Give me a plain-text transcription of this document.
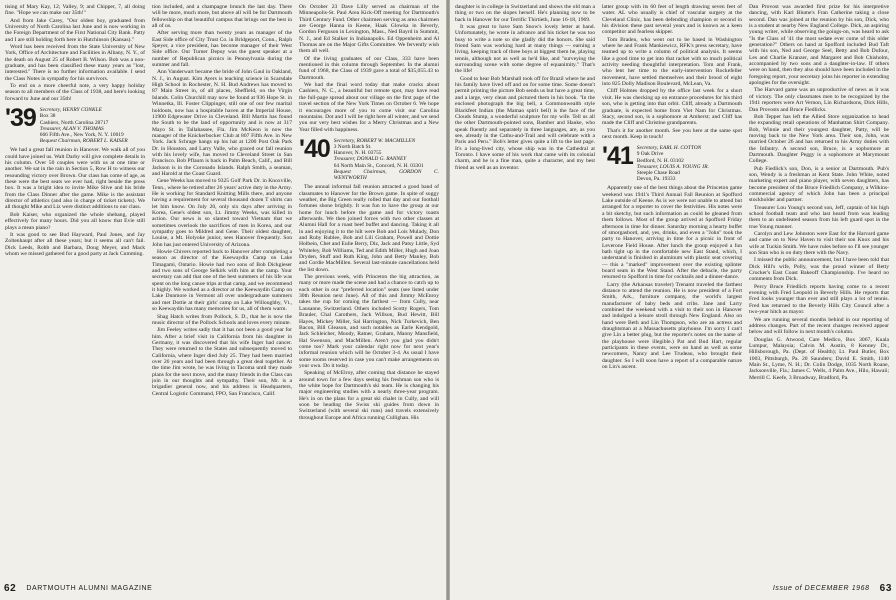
tising of Mary Kay, 12; Valley, 9; and Chipper, 7, all doing fine. "Hope we can make our 35th!"

And from Jake Carey, "Our oldest boy, graduated from University of North Carolina last June and is now working in the Foreign Department of the First National City Bank. Patty and I are still holding forth here in Hutchinson (Kansas)."

Word has been received from the State University of New York, Office of Architecture and Facilities in Albany, N. Y., of the death on August 25 of Robert B. Wilson. Bob was a non-graduate, and has been classified these many years as "lost, interested." There is no further information available. I send the Class Notes in sympathy for his survivors.

To end on a more cheerful note, a very happy holiday season to all members of the Class of 1938, and here's looking forward to June and our 35th!

'39 Secretary, HENRY CONKLE
Box 38
Cashiers, North Carolina 28717
Treasurer, ALAN V. THOMAS
666 Fifth Ave., New York, N. Y. 10019
Bequest Chairman, ROBERT L. KAISER

We had a great fall reunion in Hanover. We walk all of you could have joined us. Walt Darby will give complete details in his column. Over 50 couples were with us at one time or another. We sat in the rain in Section 5, Row H to witness our resounding victory over Brown. Our class has come of age, as these were the best seats we ever had, right beside the press box. It was a bright idea to invite Mike Slive and his bride from the Class Dinner after the game. Mike is the assistant director of athletics (and also in charge of ticket tickets). We all thought Mike and Liz were distinct additions to our class.

Bob Kaiser, who organized the whole shebang, played effectively for many hours. Did you all know that Evie still plays a mean piano?

It was good to see Bud Hayward, Paul Jones, and Jay Zoltenhaupt after all these years; but it seems all can't fail. Dick Leeds, Robb and Barbara, Doug Meyer, and Mack whom we missed gathered for a good party at Jack Cumming.

tion included, and a champagne brunch the last day. There will be more, much more, but above all will be for Dartmouth fellowship on that beautiful campus that brings out the best in all of us.

After serving more than twenty years as manager of the East Side office of City Trust Co. in Bridgeport, Conn., Ralph Speyer, a vice president, has become manager of their West Side office. Our Turner Depuy was the guest speaker at a number of Republican picnics in Pennsylvania during the summer and fall.

Ann Vanderwart became the bride of John Gaul in Oakland, N. J., in August. Kim Ayers is teaching science in Scarsdale High School in Rochester, N. H. Bud Andrews has moved to 87 Main Street in, of all places, Sheffield, on the Virgin Islands. Colin Churchill may now be found at 936 Hope St. in Winnetka, Ill. Foster Clippinger, still one of our few marital holdouts, now has a hospitable haven at the Imperial House, 11900 Edgewater Drive in Cleveland. Bill Martin has found the South to be the land of opportunity and is now at 317 Mayo St. in Tallahassee, Fla. Jim McKeon is now the manager of the Knickerbocker Club at 807 Fifth Ave. in New York. Jack Schrage hangs up his hat at 1200 Post Oak Park Dr. in Houston, and Larry Valle, who graced our fall reunion with his lovely wife, has moved to Cleveland Street in San Francisco. Bob Pflaum is back in Palm Beach, Calif., and Bill Jackson is in the Coronado Islands. Ralph Smith, a seaman, and Harold at the Coast Guard.

Gene Weeks has moved to 9325 Golf Park Dr. in Knoxville, Tenn., where he retired after 26 years' active duty in the Army. He is working for Standard Knitting Mills there, and anyone having a requirement for several thousand dozen T shirts can let him know. On July 20, only six days after arriving in Korea, Gene's oldest son, Lt. Jimmy Weeks, was killed in action. Our news is so slanted toward Vietnam that we sometimes overlook the sacrifices of men in Korea, and our sympathy goes to Mildred and Gene. Their oldest daughter, Louise, a Mt. Holyoke junior, sees Hanover frequently. Son John has just entered University of Arizona.

Howie Chivers reported back to Hanover after completing a season as director of the Keewaydin Camp on Lake Timagami, Ontario. Howie had two sons of Bob Dickgieser and two sons of George Selkirk with him at the camp. Your secretary can add that one of the best summers of his life was spent on the long canoe trips at that camp, and we recommend it highly. We worked as a director at the Keewaydin Camp on Lake Dunmore in Vermont all over undergraduate summers and met Dottie at their girls' camp on Lake Willoughby, Vt., so Keewaydin has many memories for us, all of them warm.

Shag Hatch writes from Pollock, S. D., that he is now the music director of the Pollock Schools and loves every minute.

Jim Feeley writes sadly that it has not been a good year for him. After a brief visit in California from his daughter in Germany, it was discovered that his wife Inger had cancer. They were returned to the States and subsequently moved to California, where Inger died July 25. They had been married over 26 years and had been through a great deal together. At the time Jim wrote, he was living in Tacoma until they made plans for the next move, and the many friends in the Class can join in our thoughts and sympathy. Their son, Mr. is a brigadier general now, and his address is Headquarters, Central Logistic Command, FPO, San Francisco, Calif.

On October 23 Dave Lilly served as chairman of the Minneapolis-St. Paul Area Kick-Off meeting for Dartmouth's Third Century Fund. Other chairmen serving as area chairmen are George Hanna in Keene, Haak Glowka in Beverly, Gordon Ferguson in Lexington, Mass., Ned Bayrd in Summit, N. J., and Ed Stalker in Indianapolis. Ed Oppenheim and Al Thomas are on the Major Gifts Committee. We fervently wish them all well.

Of the living graduates of our Class, 333 have been mentioned in this column through September. In the alumni fund of 1968, the Class of 1939 gave a total of $35,055.43 to Dartmouth.

We had the final word today that make cracks about Cashiers, N. C., a beautiful but remote spot, may have read the full-page spread about our village on the first page of the travel section of the New York Times on October 6. We hope it encourages more of you to come visit our Carolina mountains. Dot and I will be right here all winter, and we send you our very best wishes for a Merry Christmas and a New Year filled with happiness.

'40 Secretary, ROBERT W. MACMILLEN
3 North Batch St.
Hanover, N. H. 03755
Treasurer, DONALD G. RANNEY
64 North Main St., Concord, N. H. 03301
Bequest Chairman, GORDON C. WENTWORTH

The annual informal fall reunion attracted a good band of classmates to Hanover for the Brown game. In spite of soggy weather, the Big Green really rolled that day and our football fortunes shone brightly. It was fun to have the group at our home for lunch before the game and for victory toasts afterwards. We then joined forces with two other classes at Alumni Hall for a roast beef buffet and dancing. Taking it all in and enjoying it to the hilt were Bob and Lois Mulady, Don and Ruby Rublee, Bob and Lili Graham, Powell and Dottie Holbein, Chet and Eulie Berry, Diz, Jack and Patsy Little, Syd Whiteley, Bob Williams, Ted and Edith Miller, Hugh and Joan Dryden, Stuff and Ruth King, John and Betty Manley, Bob and Cordie MacMillen. Several last-minute cancellations held the list down.

The previous week, with Princeton the big attraction, as many or more made the scene and had a chance to catch up to each other in our "preferred location" seats (see listed under 30th Reunion next June). All of this and Jimmy McEnroy takes the cup for coming the farthest — from Cully, near Lausanne, Switzerland. Others included Scotty Rogers, Tom Brauler, Chal Carothers, Jack Willson, Bud Hewitt, Bill Hayes, Mickey Miller, Sal Harrington, Nick Turkevich, Ben Bacon, Bill Gleason, and such notables as Earle Kendgold, Jack Schleicher, Moody, Ratner, Graham, Manny Mansfield, Hal Swenson, and MacMillen. Aren't you glad you didn't come too? Mark your calendar right now for next year's informal reunion which will be October 3-4. As usual I have some rooms reserved in case you can't make arrangements on your own. Do it today.

Speaking of McElroy, after coming that distance he stayed around town for a few days seeing his freshman son who is the white hope for Dartmouth's ski team. He is changing his major engineering studies with a nearly three-year program. He's in on the plans for a great ski chalet in Cully, and will soon be heading the Swiss ski guides from down in Switzerland (with several ski runs) and travels extensively throughout Europe and Africa running Cullighan. His

62 DARTMOUTH ALUMNI MAGAZINE

daughter is in college in Switzerland and shows the old man a thing or two on the slopes herself. He's planning now to be back in Hanover for our Terrific Thirtieth, June 16-18, 1969.

It was great to have Sam Snow's lovely letter at hand. Unfortunately, he wrote in advance and his ticket he was too busy to write a note so she gladly did the honors. She said friend Sam was working hard at many things — earning a living, keeping track of three boys at biggest them he, playing tennis, although not as well as he'd like, and "surveying the surrounding scene with some degree of equanimity." That's the life!

Good to hear Bob Marshall took off for Brazil where he and his family have lived off and on for some time. Some doesn't permit printing the picture Bob sends us but have a great time, and a large, very clean and pictured them in his book. "In the enclosed photograph the big bell, a Commonwealth style Blackfeet Indian (the Mamao spirit bell) is the face of the Clouds Stump, a wonderful sculpture for my wife. Tell us all the other Dartmouth-pointed sons, Bamber and Hauke, who speak fluently and separately in three languages, are, as you see, already in the Cathu-and-Trail and will celebrate with a Paris and Peru." Bob's letter gives quite a lift to the last page. It's a long-lived city, whose ship was in the Cathedral at Toronto. I have some of his work that came with its colonial charm, and he is a fine man, quite a character, and my best friend as well as an inventor.

latter group with its 60 feet of length drawing seven feet of water. AL who usually is chief of vascular surgery at the Cleveland Clinic, has been defending champion or second in his division these past several years and is known as a keen competitor and fearless skipper.

Tom Braden, who went out to be based in Washington where he and Frank Mankiewicz, RFK's press secretary, have teamed up to write a column of political analysis. It seems like a good time to get into that racket with so much political activity needing thoughtful interpretation. Tom and Frank, who lent her time to the early-intervention Rockefeller movement, have settled themselves and their brood of eight into 825 Dolly Madison Boulevard, McLean, Va.

Cliff Holmes dropped by the office last week for a short visit. He was checking up on entrance procedures for his third son, who is getting into that orbit. Cliff, already a Dartmouth graduate, is expected home from Viet Nam for Christmas. Stacy, second son, is a sophomore at Amherst; and Cliff has made the Cliff and Christine grandparents.

That's it for another month. See you here at the same spot next month. Keep in touch!

'41 Secretary, EARL H. COTTON
9 Oak Drive
Bedford, N. H. 03102
Treasurer, LOUIS A. YOUNG JR.
Steeple Chase Road
Devon, Pa. 19333

Apparently one of the best things about the Princeton game weekend was 1941's Third Annual Fall Reunion at Spofford Lake outside of Keene. As is we were not unable to attend but arranged for a reporter to cover the festivities. His notes were a bit sketchy, but such information as could be gleaned from them follows. Most of the group arrived at Spofford Friday afternoon in time for dinner. Saturday morning a hearty buffet of smorgasbord, and, yes, drinks, and even a "John" took the party to Hanover, arriving in time for a picnic in front of Leverone Field House. After lunch the group enjoyed a fun bath tight up in the comfortable new East Stand, which, I understand is finished in aluminum with plastic seat covering — this a "marked" improvement over the existing splinter board seats in the West Stand. After the debacle, the party returned to Spofford in time for cocktails and a dinner-dance.

Larry (the Arkansas traveler) Trenamt traveled the farthest distance to attend the reunion. He is now president of a Fort Smith, Ark., furniture company, the world's largest manufacturer of baby beds and cribs. Jane and Larry combined the weekend with a visit to their son in Hanover and indulged a leisure stroll through New England. Also on hand were Beth and Lin Thompson, who are an actress and draughtsman at a Massachusetts playhouse. I'm sorry I can't give Lin a better plug, but the reporter's notes on the name of the playhouse were illegible.) Pat and Bud Hart, regular participants in these events, were on hand as well as some newcomers, Nancy and Lee Trudeau, who brought their daughter. So I will soon have a report of a comparable nature on Lin's ascent.

Dan Provost was awarded first prize for his interpretive dancing, with Karl Blume's Fran Catherine taking a close second. Dan was joined at the reunion by his son, Dick, who is a student at nearby New England College. Dick, an aspiring young writer, while observing the goings-on, was heard to ask "Is the Class of '41 the most sedate ever come of this older generation?" Others on hand at Spofford included Bud Taft with his son, Ned and George Seel, Betty and Bob Dufour, Les and Charlie Kranzer, and Margaret and Bob Chisholm, accompanied by two sons and a daughter-in-law. If others were on hand, then they also should have been included in the foregoing report, your secretary joins his reporter in extending apologies for the oversight.

The Harvard game was an unproductive of news as it was of victory. The only classmates men to be recognized by the 1941 reporters were Art Vernon, Lin Richardsons, Dick Hills, Dan Provosts and Bruce Fiedlicks.

Bob Tepper has left the Allied Store organization to head the expanding retail operations of Manhattan Shirt Company. Bob, Winnie and their youngest daughter, Patty, will be moving back to the New York area. Their son, John, was married October 26 and has returned to his Army duties with the Infantry. A second son, Bruce, is a sophomore at Dartmouth. Daughter Peggy is a sophomore at Marymount College.

Pub Fiedlick's son, Don, is a senior at Dartmouth. Pub's son, Wendy is a freshman at Kent State. John White, noted marketing expert and piano player, with seven daughters, has become president of the Bruce Friedlich Company, a Wilkins-commercial agency of which John has been a principal stockholder and partner.

Treasurer Lou Young's second son, Jeff, captain of his high school football team and who last heard from was leading them to an undefeated season from his left guard spot in the true Young manner.

Carolyn and Lew Johnston were East for the Harvard game and came on to New Haven to visit their son Knox and his wife at Tuckin Smith. We have rules before so I'll see younger son Stan who is on duty there with the Navy.

I missed the public announcement, but I have been told that Dick Hill's wife, Polly, was the proud winner of Betty Crocker's East Coast Bakeoff Championship. I've heard no comments from Dick.

Percy Bruce Friedlich reports having come to a recent evening with Fred Leopold in Beverly Hills. He reports that Fred looks younger than ever and still plays a lot of tennis. Fred has returned to the Beverly Hills City Council after a two-year hitch as mayor.

We are running several months behind in our reporting of address changes. Part of the recent changes received appear below and will follow in next month's column.

Douglas G. Atwood, Care Medico, Box 3067, Kuala Lumpur, Malaysia; Calvin M. Austin, 8 Kenney Dr., Hillsborough, Pa. (Dept. of Health); Lt. Paul Butler, Box 1003, Pittsburgh, Pa. 20 Saunders; David E. Smith, 1140 Main St., Lyme, N. H.; Dr. Colin Dodge, 1035 North Roane, Jacksonville, Fla.; James C. Wells, 4 Palm Ave., Hilo, Hawaii; Merrill C. Keefe, 3 Broadway, Bradford, Pa.

Issue of DECEMBER 1968 63
